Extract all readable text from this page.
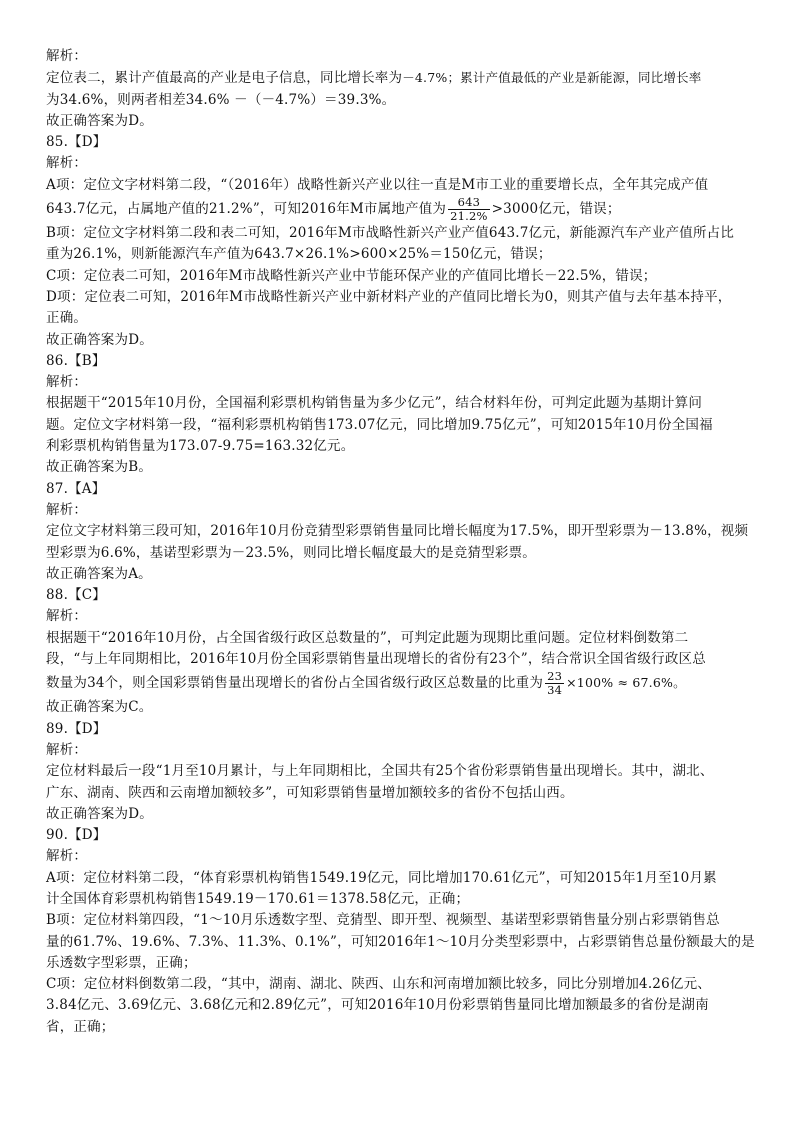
解析：
定位表二，累计产值最高的产业是电子信息，同比增长率为－4.7%；累计产值最低的产业是新能源，同比增长率
为34.6%，则两者相差34.6% －（－4.7%）＝39.3%。
故正确答案为D。
85.【D】
解析：
A项：定位文字材料第二段，“（2016年）战略性新兴产业以往一直是M市工业的重要增长点，全年其完成产值
643.7亿元，占属地产值的21.2%”，可知2016年M市属地产值为 $\frac{643}{21.2\%} >3000$亿元，错误；
B项：定位文字材料第二段和表二可知，2016年M市战略性新兴产业产值643.7亿元，新能源汽车产业产值所占比
重为26.1%，则新能源汽车产值为643.7×26.1%>600×25%＝150亿元，错误；
C项：定位表二可知，2016年M市战略性新兴产业中节能环保产业的产值同比增长－22.5%，错误；
D项：定位表二可知，2016年M市战略性新兴产业中新材料产业的产值同比增长为0，则其产值与去年基本持平，
正确。
故正确答案为D。
86.【B】
解析：
根据题干“2015年10月份，全国福利彩票机构销售量为多少亿元”，结合材料年份，可判定此题为基期计算问
题。定位文字材料第一段，“福利彩票机构销售173.07亿元，同比增加9.75亿元”，可知2015年10月份全国福
利彩票机构销售量为173.07-9.75=163.32亿元。
故正确答案为B。
87.【A】
解析：
定位文字材料第三段可知，2016年10月份竞猜型彩票销售量同比增长幅度为17.5%，即开型彩票为－13.8%，视频
型彩票为6.6%，基诺型彩票为－23.5%，则同比增长幅度最大的是竞猜型彩票。
故正确答案为A。
88.【C】
解析：
根据题干“2016年10月份，占全国省级行政区总数量的”，可判定此题为现期比重问题。定位材料倒数第二
段，“与上年同期相比，2016年10月份全国彩票销售量出现增长的省份有23个”，结合常识全国省级行政区总
数量为34个，则全国彩票销售量出现增长的省份占全国省级行政区总数量的比重为 $\frac{23}{34} \times 100\% \approx 67.6\%$。
故正确答案为C。
89.【D】
解析：
定位材料最后一段“1月至10月累计，与上年同期相比，全国共有25个省份彩票销售量出现增长。其中，湖北、
广东、湖南、陕西和云南增加额较多”，可知彩票销售量增加额较多的省份不包括山西。
故正确答案为D。
90.【D】
解析：
A项：定位材料第二段，“体育彩票机构销售1549.19亿元，同比增加170.61亿元”，可知2015年1月至10月累
计全国体育彩票机构销售1549.19－170.61＝1378.58亿元，正确；
B项：定位材料第四段，“1～10月乐透数字型、竞猜型、即开型、视频型、基诺型彩票销售量分别占彩票销售总
量的61.7%、19.6%、7.3%、11.3%、0.1%”，可知2016年1～10月分类型彩票中，占彩票销售总量份额最大的是
乐透数字型彩票，正确；
C项：定位材料倒数第二段，“其中，湖南、湖北、陕西、山东和河南增加额比较多，同比分别增加4.26亿元、
3.84亿元、3.69亿元、3.68亿元和2.89亿元”，可知2016年10月份彩票销售量同比增加额最多的省份是湖南
省，正确；
